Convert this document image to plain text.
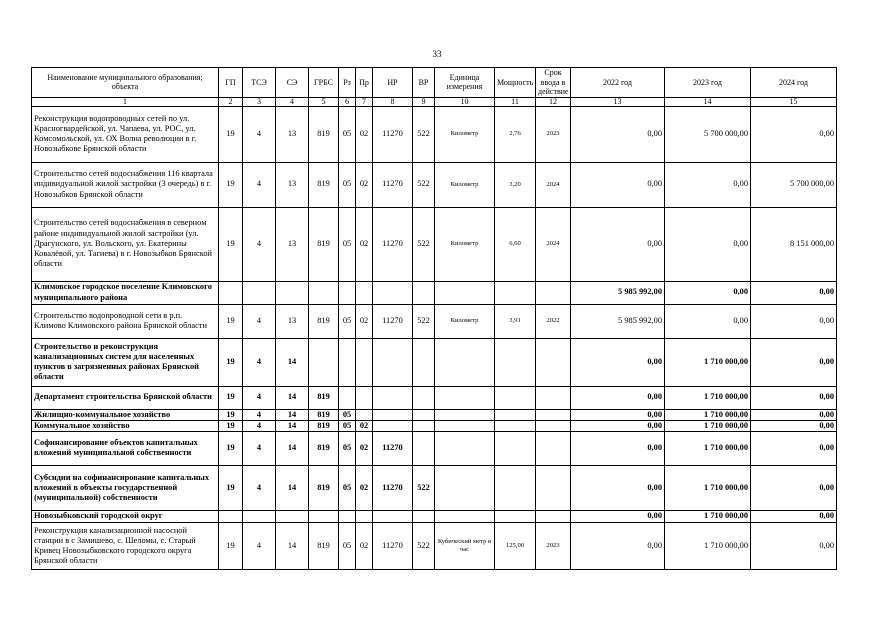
33
Наименование муниципального образования; объекта	ГП	ТСЭ	СЭ	ГРБС	Рз	Пр	НР	ВР	Единица измерения	Мощность	Срок ввода в действие	2022 год	2023 год	2024 год
1	2	3	4	5	6	7	8	9	10	11	12	13	14	15
Реконструкция водопроводных сетей по ул. Красногвардейской, ул. Чапаева, ул. РОС, ул. Комсомольской, ул. ОХ Волна революции в г. Новозыбкове Брянской области	19	4	13	819	05	02	11270	522	Километр	2,76	2023	0,00	5 700 000,00	0,00
Строительство сетей водоснабжения 116 квартала индивидуальной жилой застройки (3 очередь) в г. Новозыбков Брянской области	19	4	13	819	05	02	11270	522	Километр	3,20	2024	0,00	0,00	5 700 000,00
Строительство сетей водоснабжения в северном районе индивидуальной жилой застройки (ул. Драгунского, ул. Вольского, ул. Екатерины Ковалёвой, ул. Тагиева) в г. Новозыбков Брянской области	19	4	13	819	05	02	11270	522	Километр	6,60	2024	0,00	0,00	8 151 000,00
Климовское городское поселение Климовского муниципального района												5 985 992,00	0,00	0,00
Строительство водопроводной сети в р.п. Климово Климовского района Брянской области	19	4	13	819	05	02	11270	522	Километр	3,91	2022	5 985 992,00	0,00	0,00
Строительство и реконструкция канализационных систем для населенных пунктов в загрязненных районах Брянской области	19	4	14									0,00	1 710 000,00	0,00
Департамент строительства Брянской области	19	4	14	819								0,00	1 710 000,00	0,00
Жилищно-коммунальное хозяйство	19	4	14	819	05							0,00	1 710 000,00	0,00
Коммунальное хозяйство	19	4	14	819	05	02						0,00	1 710 000,00	0,00
Софинансирование объектов капитальных вложений муниципальной собственности	19	4	14	819	05	02	11270					0,00	1 710 000,00	0,00
Субсидии на софинансирование капитальных вложений в объекты государственной (муниципальной) собственности	19	4	14	819	05	02	11270	522				0,00	1 710 000,00	0,00
Новозыбковский городской округ												0,00	1 710 000,00	0,00
Реконструкция канализационной насосной станции в с Замишево, с. Шеломы, с. Старый Кривец Новозыбковского городского округа Брянской области	19	4	14	819	05	02	11270	522	Кубический метр в час	125,00	2023	0,00	1 710 000,00	0,00
